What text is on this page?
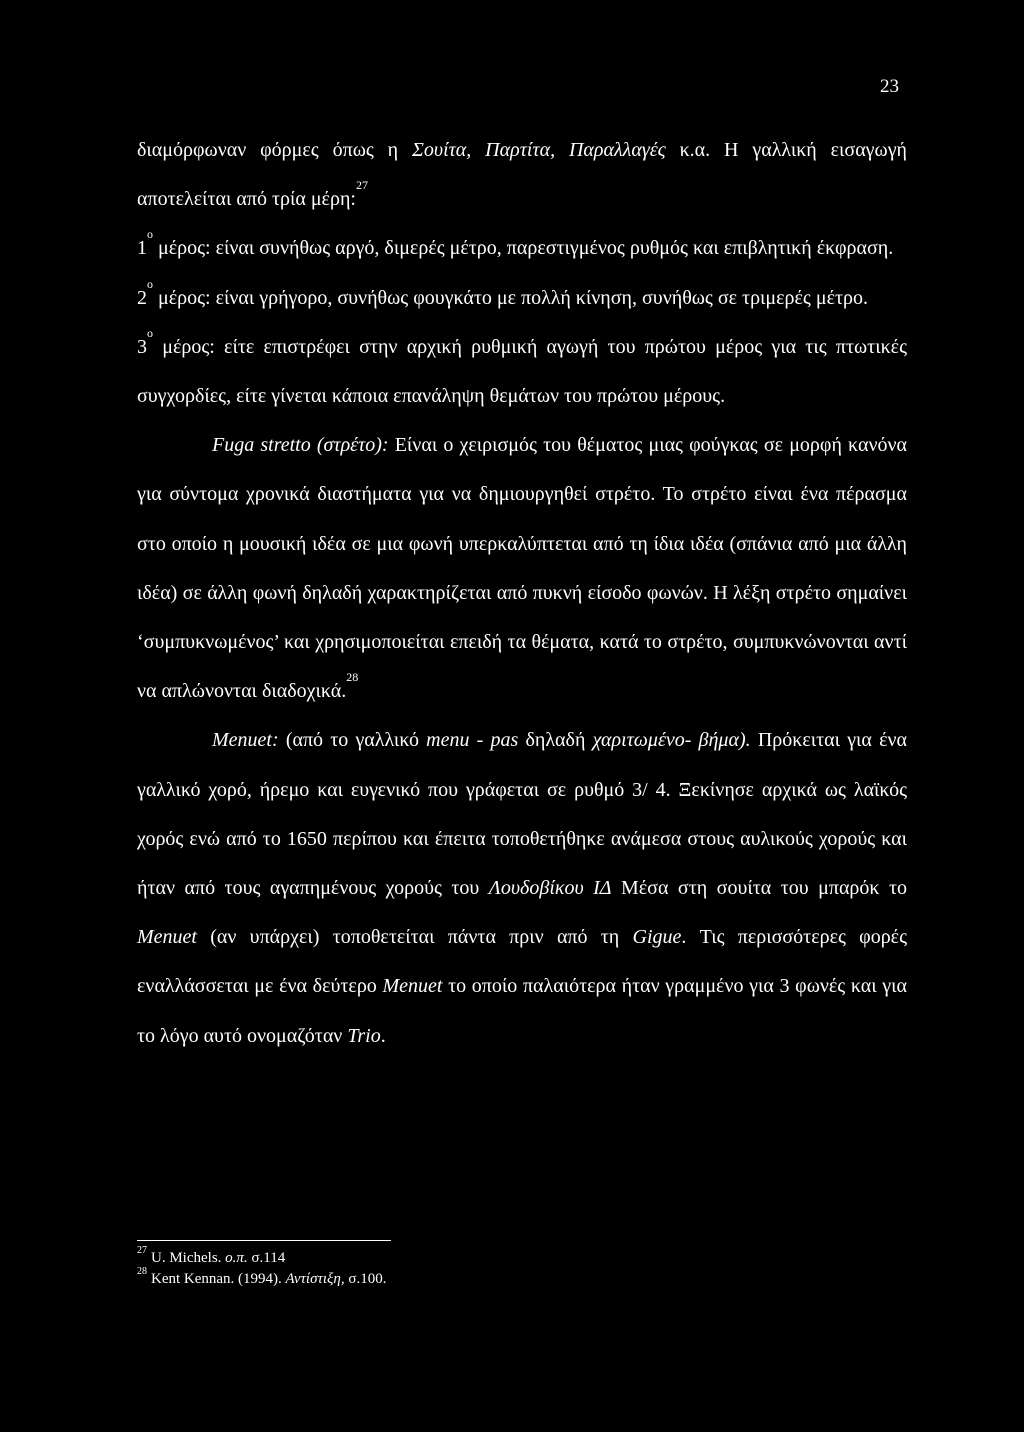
23

διαμόρφωναν φόρμες όπως η Σουίτα, Παρτίτα, Παραλλαγές κ.α. Η γαλλική εισαγωγή αποτελείται από τρία μέρη:$^{27}$

$1^o$ μέρος: είναι συνήθως αργό, διμερές μέτρο, παρεστιγμένος ρυθμός και επιβλητική έκφραση.

$2^o$ μέρος: είναι γρήγορο, συνήθως φουγκάτο με πολλή κίνηση, συνήθως σε τριμερές μέτρο.

$3^o$ μέρος: είτε επιστρέφει στην αρχική ρυθμική αγωγή του πρώτου μέρος για τις πτωτικές συγχορδίες, είτε γίνεται κάποια επανάληψη θεμάτων του πρώτου μέρους.

Fuga stretto (στρέτο): Είναι ο χειρισμός του θέματος μιας φούγκας σε μορφή κανόνα για σύντομα χρονικά διαστήματα για να δημιουργηθεί στρέτο. Το στρέτο είναι ένα πέρασμα στο οποίο η μουσική ιδέα σε μια φωνή υπερκαλύπτεται από τη ίδια ιδέα (σπάνια από μια άλλη ιδέα) σε άλλη φωνή δηλαδή χαρακτηρίζεται από πυκνή είσοδο φωνών. Η λέξη στρέτο σημαίνει ‘συμπυκνωμένος’ και χρησιμοποιείται επειδή τα θέματα, κατά το στρέτο, συμπυκνώνονται αντί να απλώνονται διαδοχικά.$^{28}$

Menuet: (από το γαλλικό menu - pas δηλαδή χαριτωμένο- βήμα). Πρόκειται για ένα γαλλικό χορό, ήρεμο και ευγενικό που γράφεται σε ρυθμό 3/ 4. Ξεκίνησε αρχικά ως λαϊκός χορός ενώ από το 1650 περίπου και έπειτα τοποθετήθηκε ανάμεσα στους αυλικούς χορούς και ήταν από τους αγαπημένους χορούς του Λουδοβίκου ΙΔ Μέσα στη σουίτα του μπαρόκ το Menuet (αν υπάρχει) τοποθετείται πάντα πριν από τη Gigue. Τις περισσότερες φορές εναλλάσσεται με ένα δεύτερο Menuet το οποίο παλαιότερα ήταν γραμμένο για 3 φωνές και για το λόγο αυτό ονομαζόταν Trio.

$^{27}$ U. Michels. ο.π. σ.114

$^{28}$ Kent Kennan. (1994). Αντίστιξη, σ.100.
